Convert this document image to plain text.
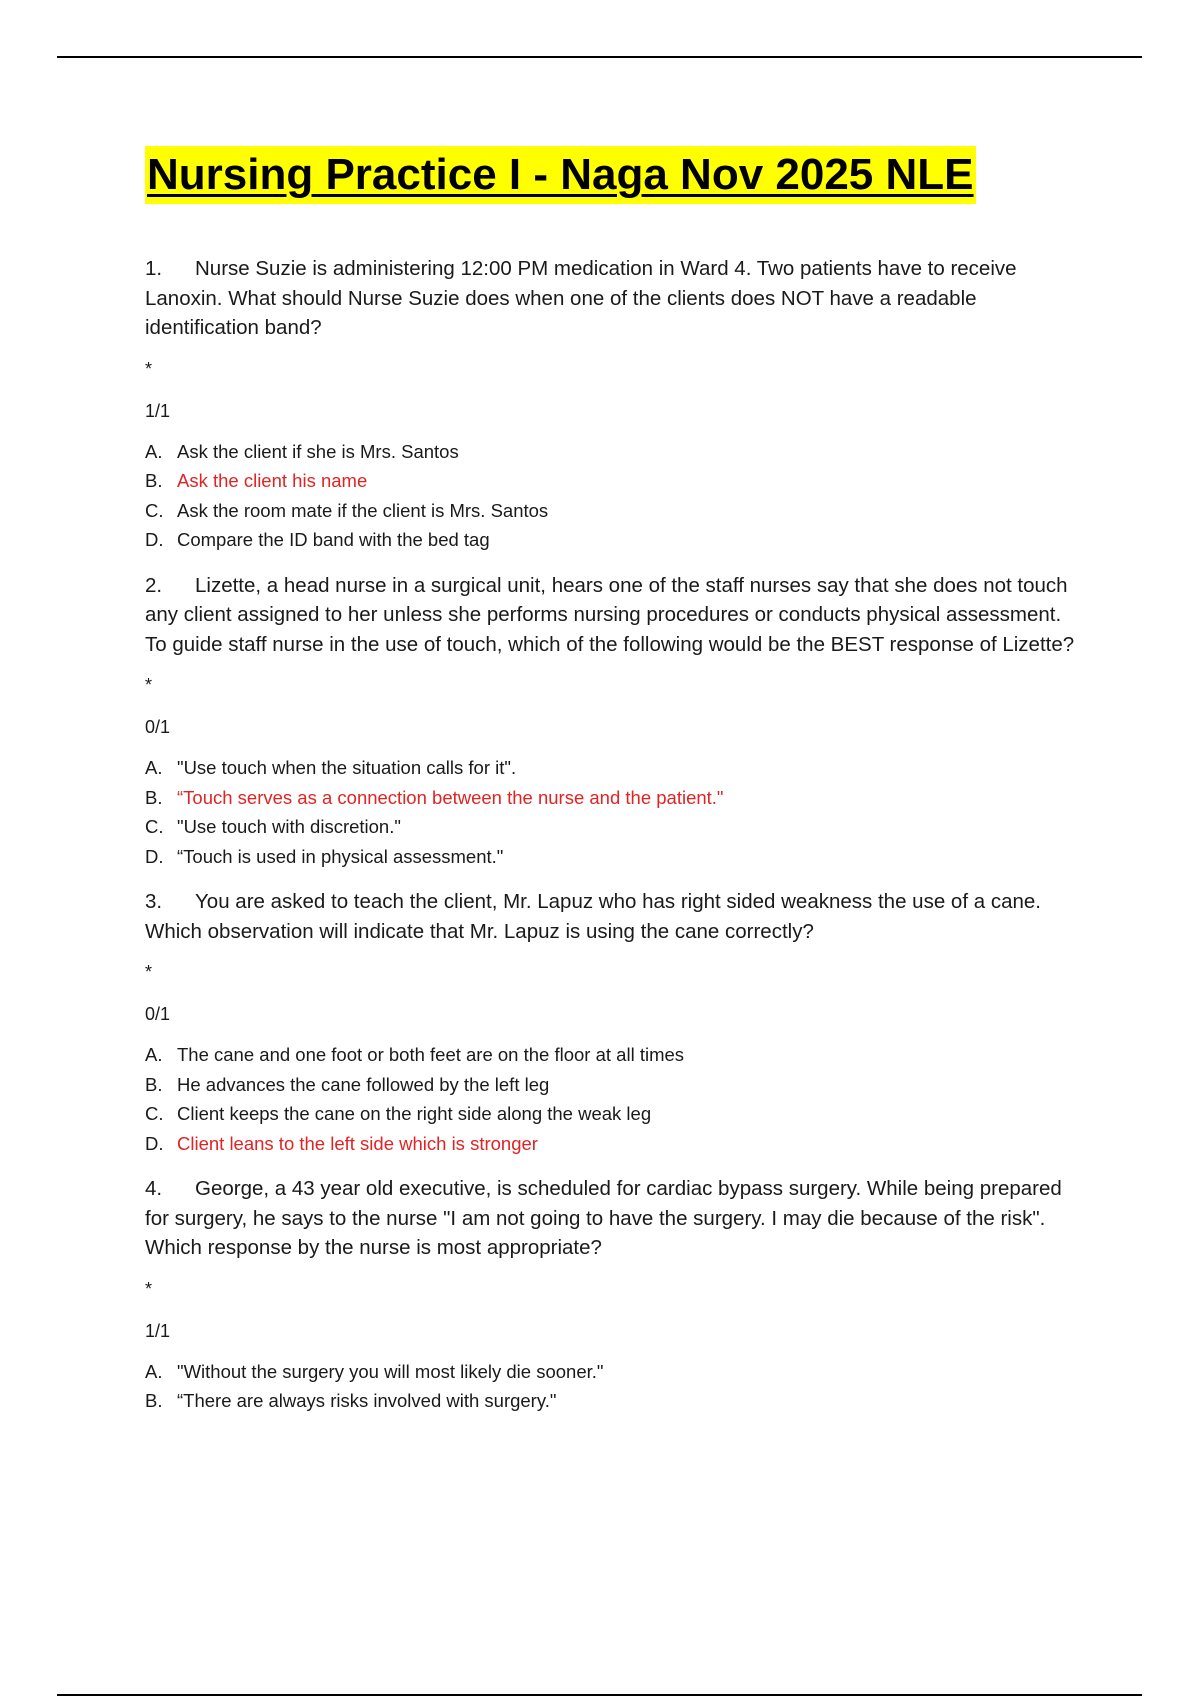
Nursing Practice I - Naga Nov 2025 NLE

1. Nurse Suzie is administering 12:00 PM medication in Ward 4. Two patients have to receive Lanoxin. What should Nurse Suzie does when one of the clients does NOT have a readable identification band?

*
1/1
A. Ask the client if she is Mrs. Santos
B. Ask the client his name
C. Ask the room mate if the client is Mrs. Santos
D. Compare the ID band with the bed tag

2. Lizette, a head nurse in a surgical unit, hears one of the staff nurses say that she does not touch any client assigned to her unless she performs nursing procedures or conducts physical assessment. To guide staff nurse in the use of touch, which of the following would be the BEST response of Lizette?

*
0/1
A. "Use touch when the situation calls for it".
B. “Touch serves as a connection between the nurse and the patient."
C. "Use touch with discretion."
D. “Touch is used in physical assessment."

3. You are asked to teach the client, Mr. Lapuz who has right sided weakness the use of a cane. Which observation will indicate that Mr. Lapuz is using the cane correctly?

*
0/1
A. The cane and one foot or both feet are on the floor at all times
B. He advances the cane followed by the left leg
C. Client keeps the cane on the right side along the weak leg
D. Client leans to the left side which is stronger

4. George, a 43 year old executive, is scheduled for cardiac bypass surgery. While being prepared for surgery, he says to the nurse "I am not going to have the surgery. I may die because of the risk". Which response by the nurse is most appropriate?

*
1/1
A. "Without the surgery you will most likely die sooner."
B. “There are always risks involved with surgery."
